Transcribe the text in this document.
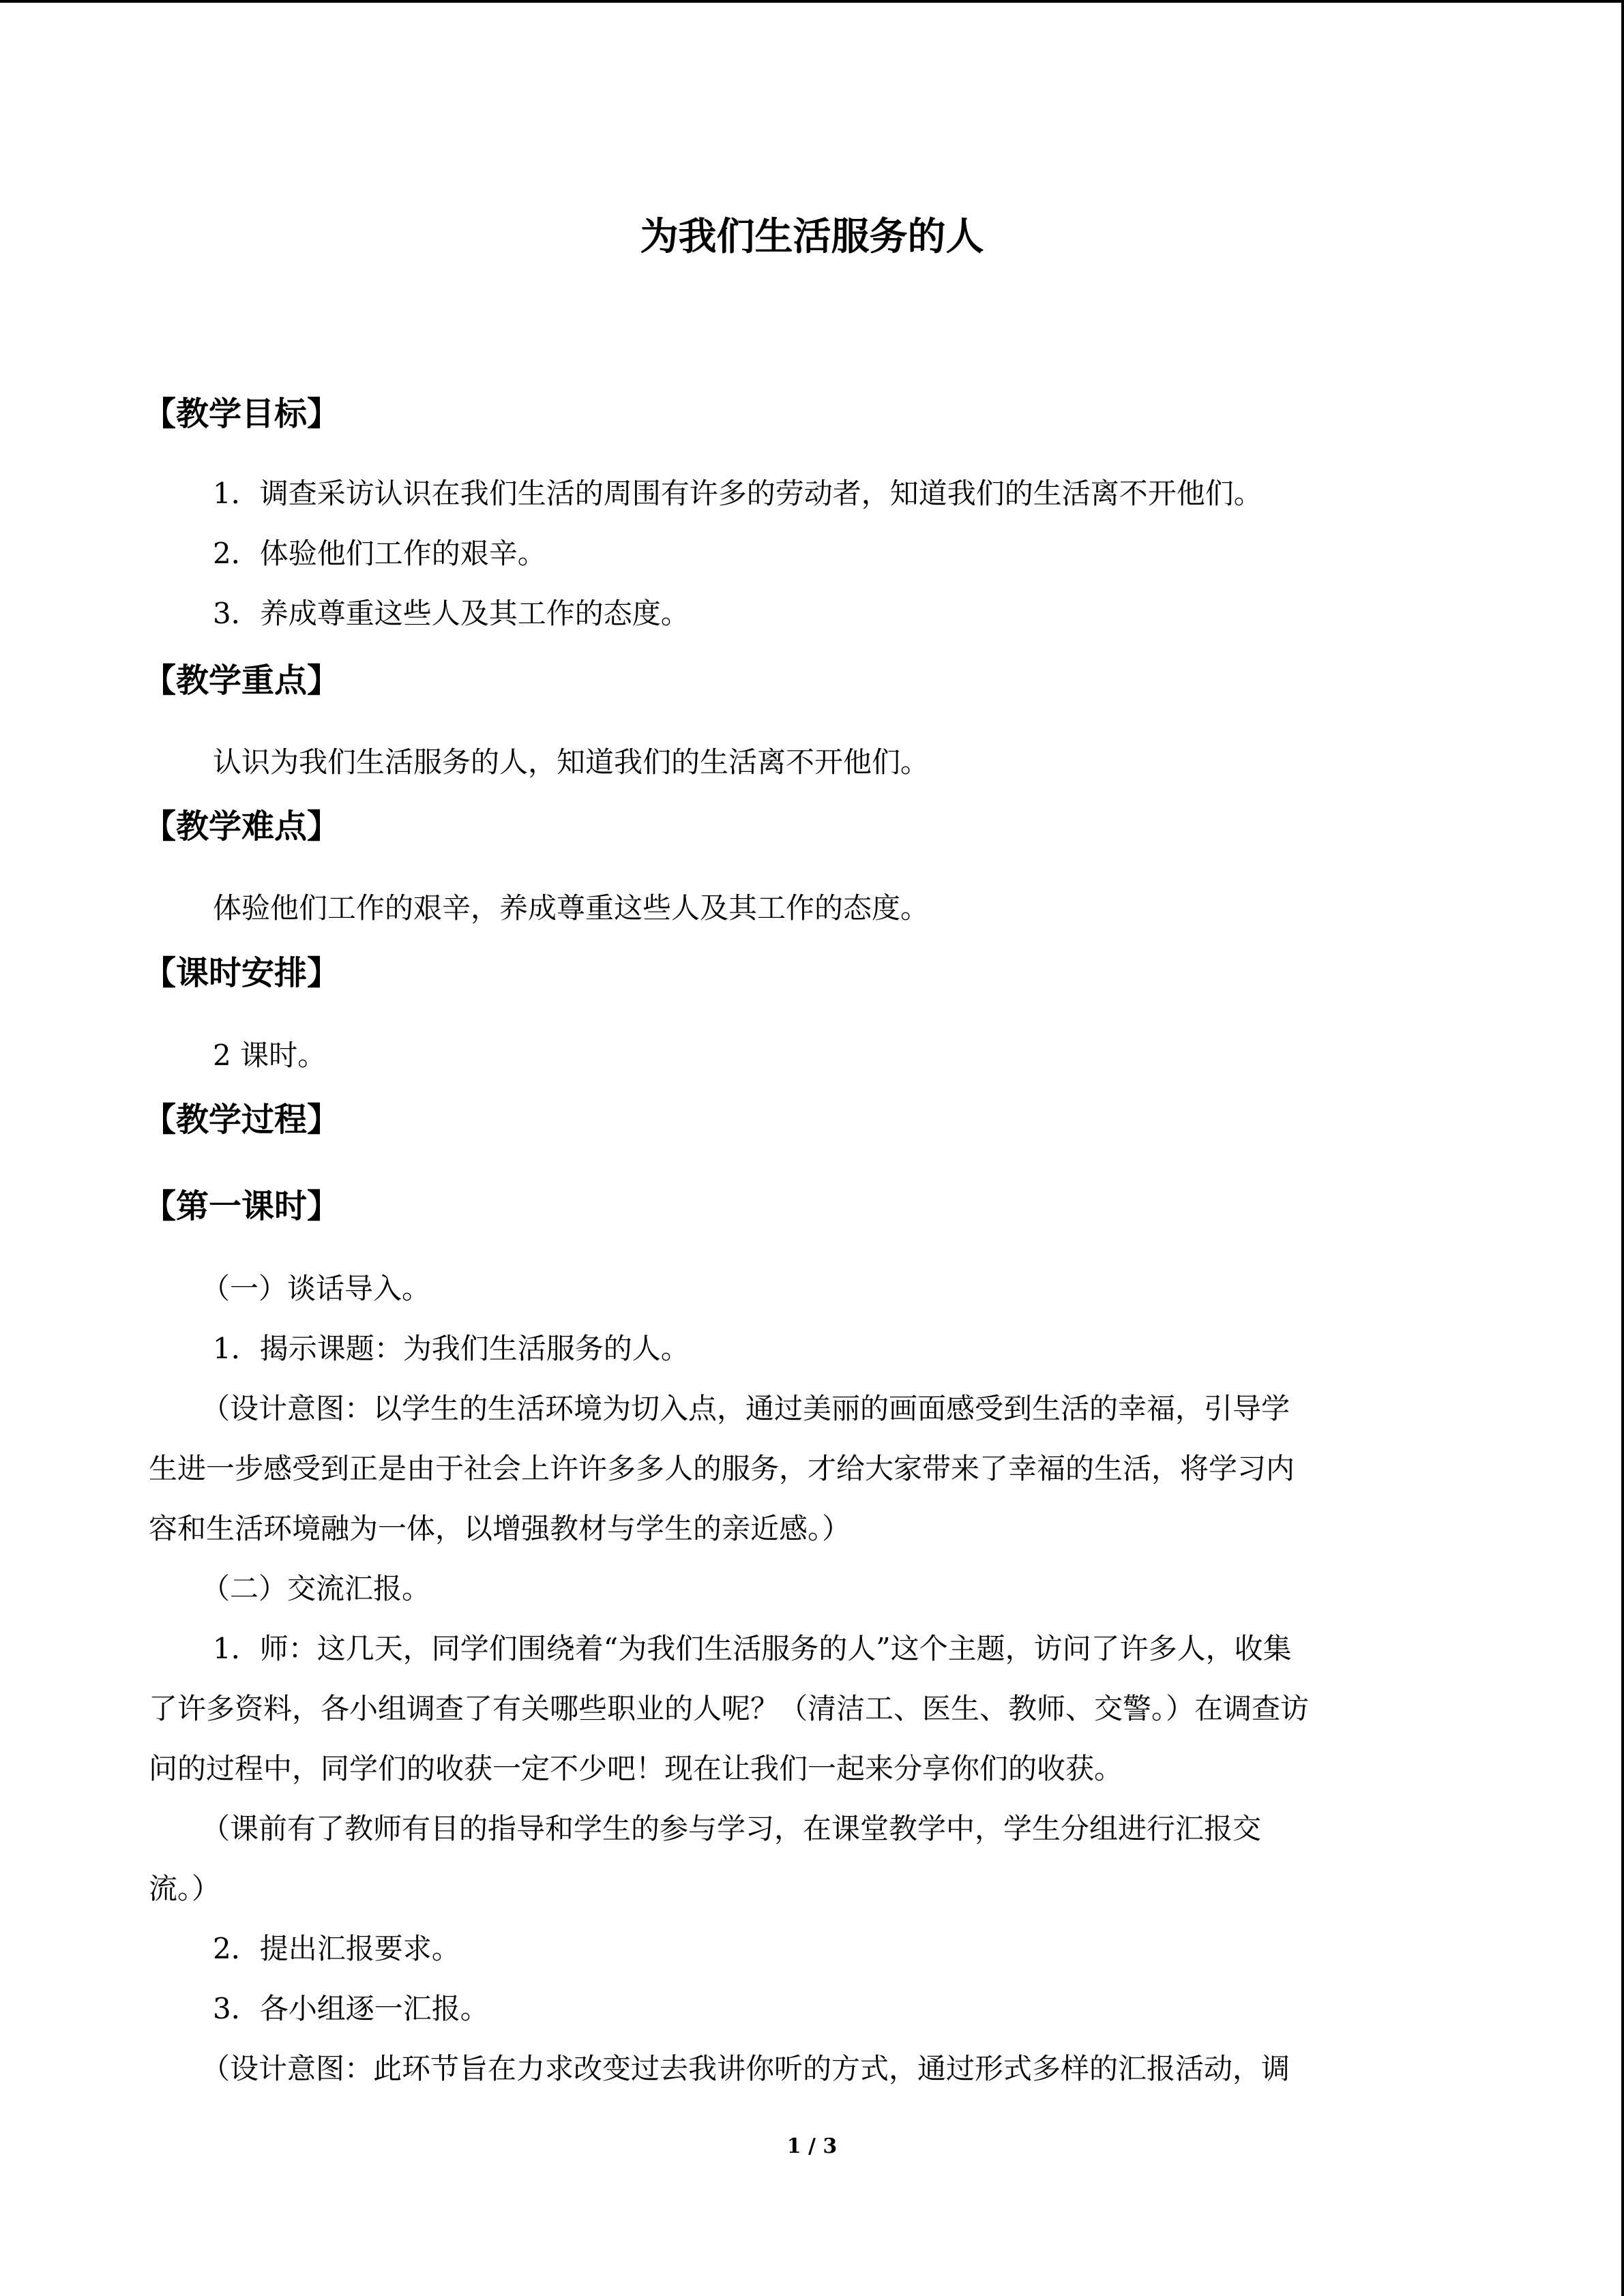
为我们生活服务的人
【教学目标】

1．调查采访认识在我们生活的周围有许多的劳动者，知道我们的生活离不开他们。

2．体验他们工作的艰辛。

3．养成尊重这些人及其工作的态度。

【教学重点】

认识为我们生活服务的人，知道我们的生活离不开他们。

【教学难点】

体验他们工作的艰辛，养成尊重这些人及其工作的态度。

【课时安排】

2 课时。

【教学过程】
【第一课时】

（一）谈话导入。

1．揭示课题：为我们生活服务的人。

（设计意图：以学生的生活环境为切入点，通过美丽的画面感受到生活的幸福，引导学

生进一步感受到正是由于社会上许许多多人的服务，才给大家带来了幸福的生活，将学习内

容和生活环境融为一体，以增强教材与学生的亲近感。）

（二）交流汇报。

1．师：这几天，同学们围绕着“为我们生活服务的人”这个主题，访问了许多人，收集

了许多资料，各小组调查了有关哪些职业的人呢？（清洁工、医生、教师、交警。）在调查访

问的过程中，同学们的收获一定不少吧！现在让我们一起来分享你们的收获。

（课前有了教师有目的指导和学生的参与学习，在课堂教学中，学生分组进行汇报交

流。）

2．提出汇报要求。

3．各小组逐一汇报。

（设计意图：此环节旨在力求改变过去我讲你听的方式，通过形式多样的汇报活动，调

1 / 3
